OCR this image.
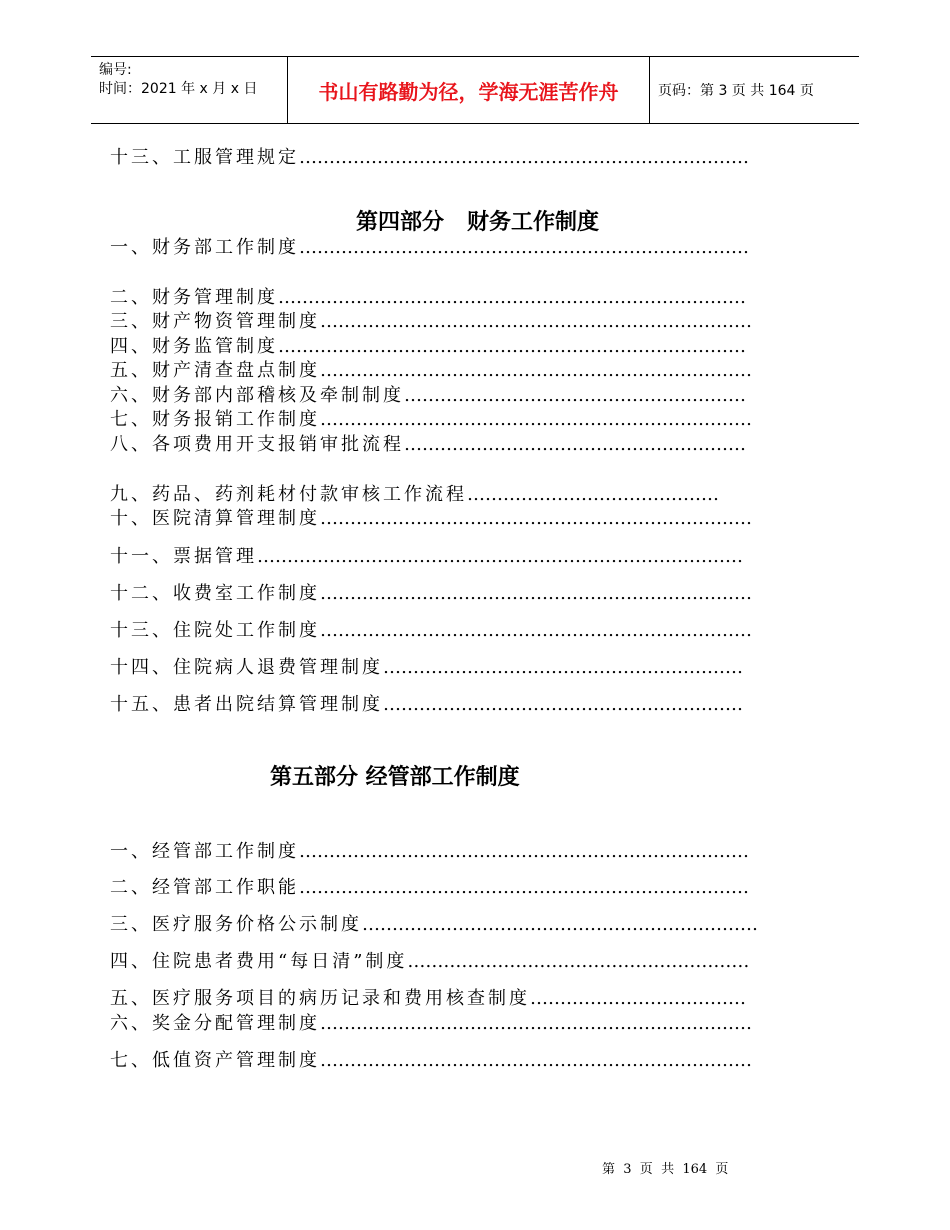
编号:
时间：2021 年 x 月 x 日	书山有路勤为径，学海无涯苦作舟	页码：第 3 页 共 164 页
十三、工服管理规定…………………………………………………………………
第四部分   财务工作制度
一、财务部工作制度…………………………………………………………………
二、财务管理制度……………………………………………………………………
三、财产物资管理制度………………………………………………………………
四、财务监管制度……………………………………………………………………
五、财产清查盘点制度………………………………………………………………
六、财务部内部稽核及牵制制度…………………………………………………
七、财务报销工作制度………………………………………………………………
八、各项费用开支报销审批流程…………………………………………………
九、药品、药剂耗材付款审核工作流程……………………………………
十、医院清算管理制度………………………………………………………………
十一、票据管理………………………………………………………………………
十二、收费室工作制度………………………………………………………………
十三、住院处工作制度………………………………………………………………
十四、住院病人退费管理制度……………………………………………………
十五、患者出院结算管理制度……………………………………………………
第五部分 经管部工作制度
一、经管部工作制度…………………………………………………………………
二、经管部工作职能…………………………………………………………………
三、医疗服务价格公示制度…………………………………………………………
四、住院患者费用“每日清”制度…………………………………………………
五、医疗服务项目的病历记录和费用核查制度………………………………
六、奖金分配管理制度………………………………………………………………
七、低值资产管理制度………………………………………………………………
第  3  页  共  164  页
